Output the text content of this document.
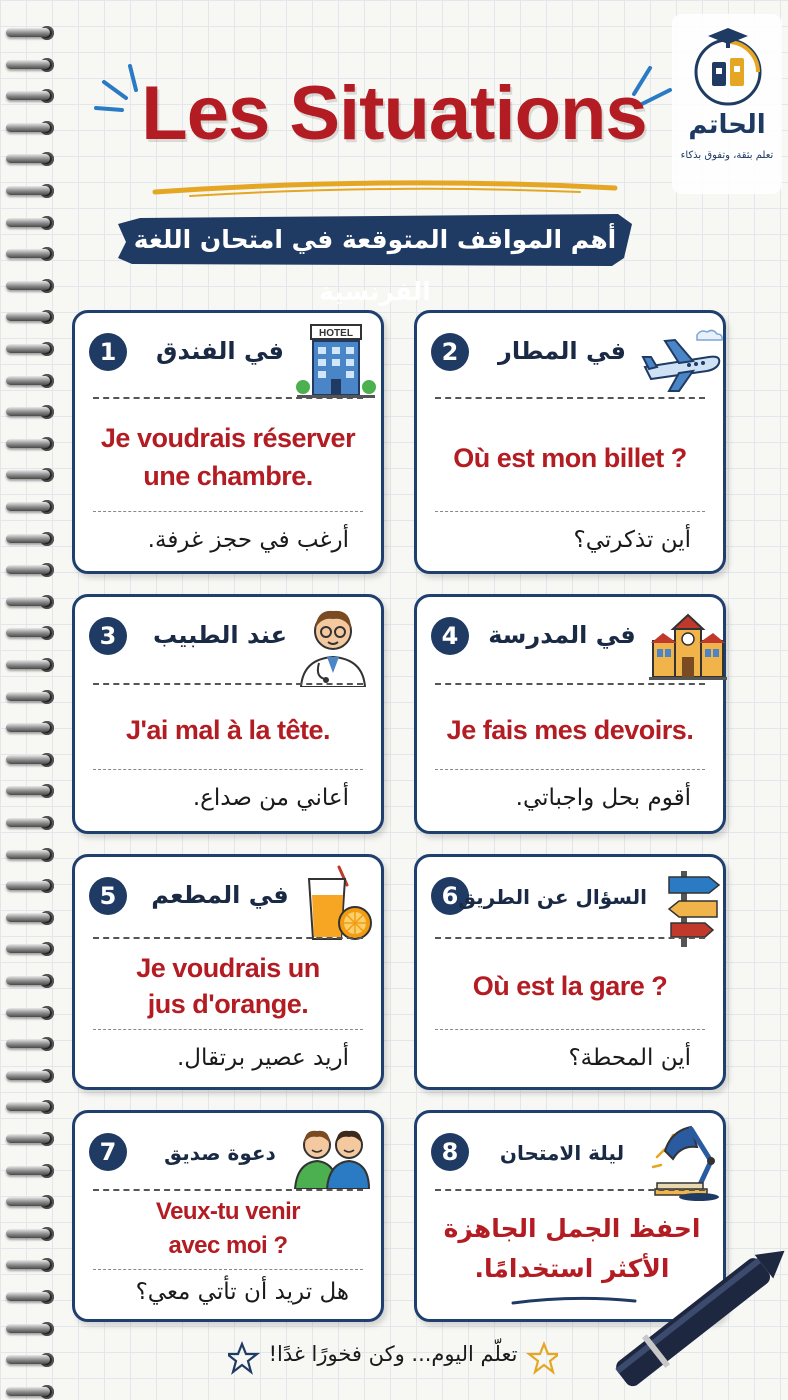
Les Situations
أهم المواقف المتوقعة في امتحان اللغة الفرنسية
الحاتم
تعلم بثقة، وتفوق بذكاء
1	في الفندق
HOTEL
Je voudrais réserver
une chambre.
أرغب في حجز غرفة.
2	في المطار
Où est mon billet ?
أين تذكرتي؟
3	عند الطبيب
J'ai mal à la tête.
أعاني من صداع.
4	في المدرسة
Je fais mes devoirs.
أقوم بحل واجباتي.
5	في المطعم
Je voudrais un
jus d'orange.
أريد عصير برتقال.
6 السؤال عن الطريق
Où est la gare ?
أين المحطة؟
7	دعوة صديق
Veux-tu venir
avec moi ?
هل تريد أن تأتي معي؟
8	ليلة الامتحان
احفظ الجمل الجاهزة
الأكثر استخدامًا.
تعلّم اليوم... وكن فخورًا غدًا!
